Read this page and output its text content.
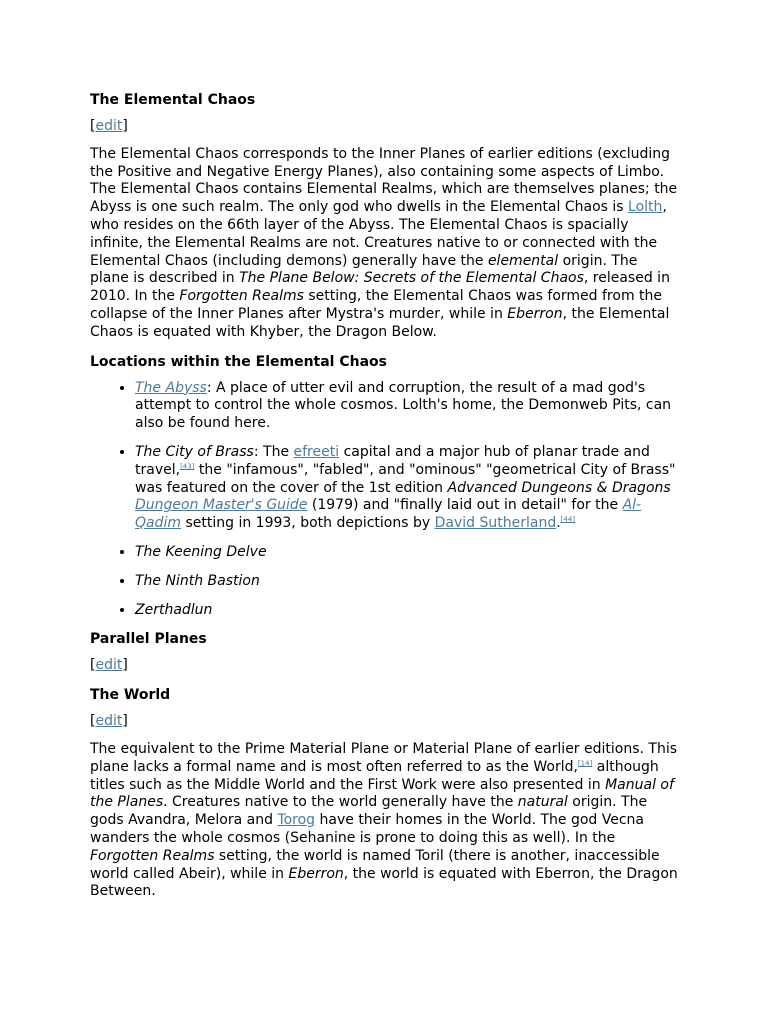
The Elemental Chaos

[edit]

The Elemental Chaos corresponds to the Inner Planes of earlier editions (excluding the Positive and Negative Energy Planes), also containing some aspects of Limbo. The Elemental Chaos contains Elemental Realms, which are themselves planes; the Abyss is one such realm. The only god who dwells in the Elemental Chaos is Lolth, who resides on the 66th layer of the Abyss. The Elemental Chaos is spacially infinite, the Elemental Realms are not. Creatures native to or connected with the Elemental Chaos (including demons) generally have the elemental origin. The plane is described in The Plane Below: Secrets of the Elemental Chaos, released in 2010. In the Forgotten Realms setting, the Elemental Chaos was formed from the collapse of the Inner Planes after Mystra's murder, while in Eberron, the Elemental Chaos is equated with Khyber, the Dragon Below.

Locations within the Elemental Chaos
• The Abyss: A place of utter evil and corruption, the result of a mad god's attempt to control the whole cosmos. Lolth's home, the Demonweb Pits, can also be found here.
• The City of Brass: The efreeti capital and a major hub of planar trade and travel,[43] the "infamous", "fabled", and "ominous" "geometrical City of Brass" was featured on the cover of the 1st edition Advanced Dungeons & Dragons Dungeon Master's Guide (1979) and "finally laid out in detail" for the Al-Qadim setting in 1993, both depictions by David Sutherland.[44]
• The Keening Delve
• The Ninth Bastion
• Zerthadlun
Parallel Planes

[edit]

The World

[edit]

The equivalent to the Prime Material Plane or Material Plane of earlier editions. This plane lacks a formal name and is most often referred to as the World,[14] although titles such as the Middle World and the First Work were also presented in Manual of the Planes. Creatures native to the world generally have the natural origin. The gods Avandra, Melora and Torog have their homes in the World. The god Vecna wanders the whole cosmos (Sehanine is prone to doing this as well). In the Forgotten Realms setting, the world is named Toril (there is another, inaccessible world called Abeir), while in Eberron, the world is equated with Eberron, the Dragon Between.
